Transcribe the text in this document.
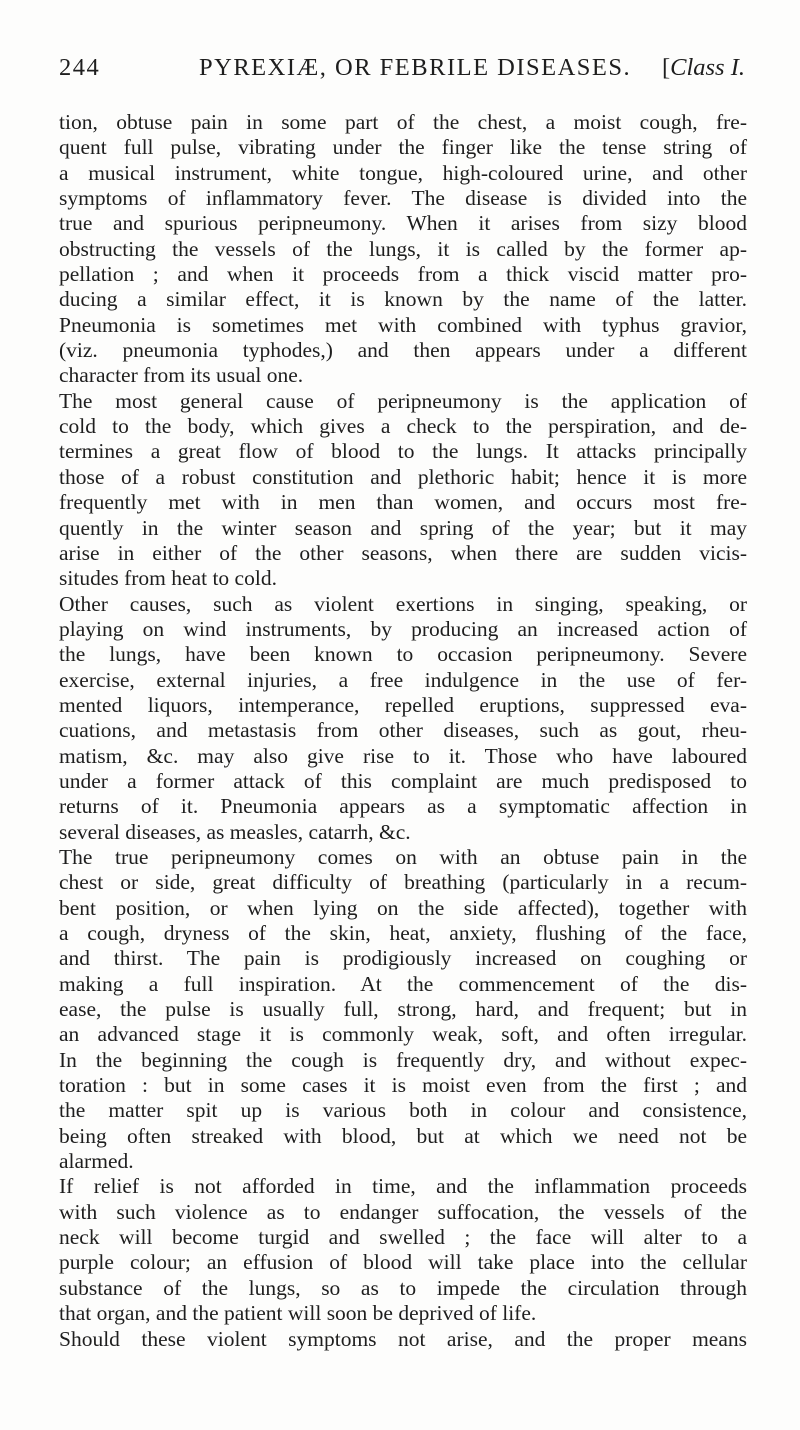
244	PYREXIÆ, OR FEBRILE DISEASES. [Class I.
tion, obtuse pain in some part of the chest, a moist cough, fre-
quent full pulse, vibrating under the finger like the tense string of
a musical instrument, white tongue, high-coloured urine, and other
symptoms of inflammatory fever. The disease is divided into the
true and spurious peripneumony. When it arises from sizy blood
obstructing the vessels of the lungs, it is called by the former ap-
pellation ; and when it proceeds from a thick viscid matter pro-
ducing a similar effect, it is known by the name of the latter.
Pneumonia is sometimes met with combined with typhus gravior,
(viz. pneumonia typhodes,) and then appears under a different
character from its usual one.
The most general cause of peripneumony is the application of
cold to the body, which gives a check to the perspiration, and de-
termines a great flow of blood to the lungs. It attacks principally
those of a robust constitution and plethoric habit; hence it is more
frequently met with in men than women, and occurs most fre-
quently in the winter season and spring of the year; but it may
arise in either of the other seasons, when there are sudden vicis-
situdes from heat to cold.
Other causes, such as violent exertions in singing, speaking, or
playing on wind instruments, by producing an increased action of
the lungs, have been known to occasion peripneumony. Severe
exercise, external injuries, a free indulgence in the use of fer-
mented liquors, intemperance, repelled eruptions, suppressed eva-
cuations, and metastasis from other diseases, such as gout, rheu-
matism, &c. may also give rise to it. Those who have laboured
under a former attack of this complaint are much predisposed to
returns of it. Pneumonia appears as a symptomatic affection in
several diseases, as measles, catarrh, &c.
The true peripneumony comes on with an obtuse pain in the
chest or side, great difficulty of breathing (particularly in a recum-
bent position, or when lying on the side affected), together with
a cough, dryness of the skin, heat, anxiety, flushing of the face,
and thirst. The pain is prodigiously increased on coughing or
making a full inspiration. At the commencement of the dis-
ease, the pulse is usually full, strong, hard, and frequent; but in
an advanced stage it is commonly weak, soft, and often irregular.
In the beginning the cough is frequently dry, and without expec-
toration : but in some cases it is moist even from the first ; and
the matter spit up is various both in colour and consistence,
being often streaked with blood, but at which we need not be
alarmed.
If relief is not afforded in time, and the inflammation proceeds
with such violence as to endanger suffocation, the vessels of the
neck will become turgid and swelled ; the face will alter to a
purple colour; an effusion of blood will take place into the cellular
substance of the lungs, so as to impede the circulation through
that organ, and the patient will soon be deprived of life.
Should these violent symptoms not arise, and the proper means
